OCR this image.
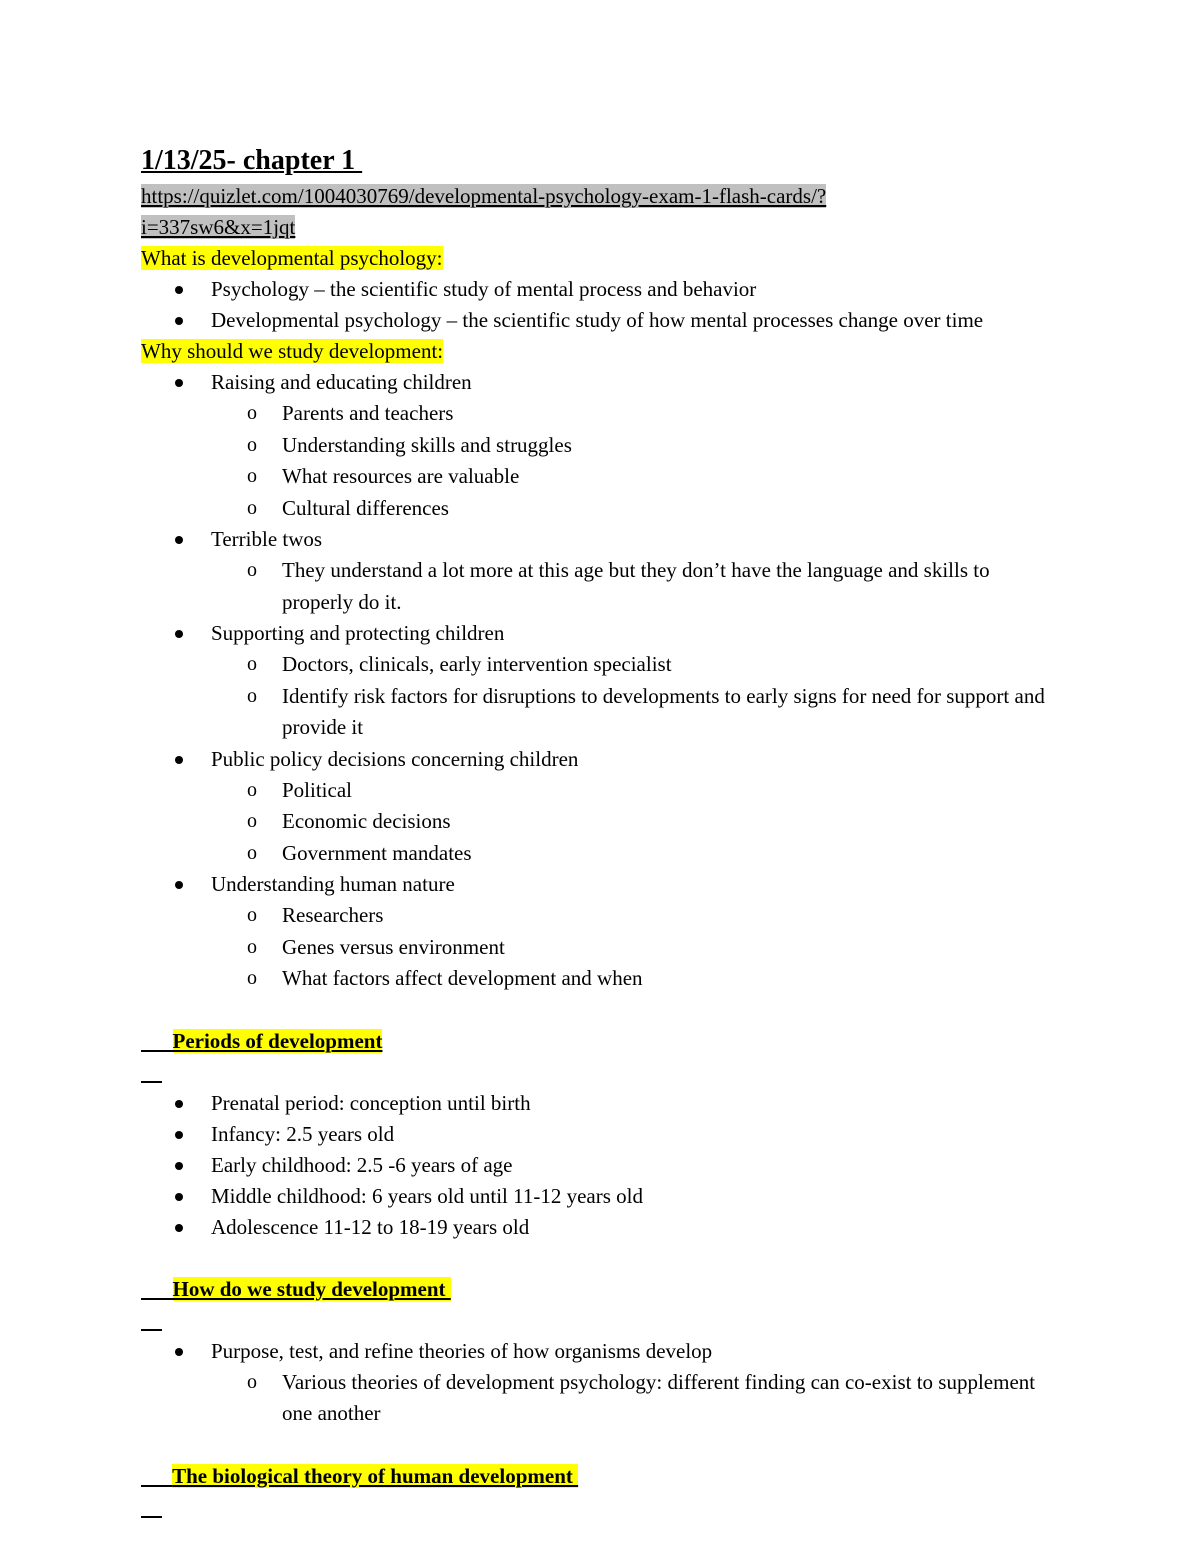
1/13/25- chapter 1
https://quizlet.com/1004030769/developmental-psychology-exam-1-flash-cards/?
i=337sw6&x=1jqt
What is developmental psychology:
Psychology – the scientific study of mental process and behavior
Developmental psychology – the scientific study of how mental processes change over time
Why should we study development:
Raising and educating children
o Parents and teachers
o Understanding skills and struggles
o What resources are valuable
o Cultural differences
Terrible twos
o They understand a lot more at this age but they don’t have the language and skills to properly do it.
Supporting and protecting children
o Doctors, clinicals, early intervention specialist
o Identify risk factors for disruptions to developments to early signs for need for support and provide it
Public policy decisions concerning children
o Political
o Economic decisions
o Government mandates
Understanding human nature
o Researchers
o Genes versus environment
o What factors affect development and when

Periods of development

Prenatal period: conception until birth
Infancy: 2.5 years old
Early childhood: 2.5 -6 years of age
Middle childhood: 6 years old until 11-12 years old
Adolescence 11-12 to 18-19 years old

How do we study development

Purpose, test, and refine theories of how organisms develop
o Various theories of development psychology: different finding can co-exist to supplement one another

The biological theory of human development
